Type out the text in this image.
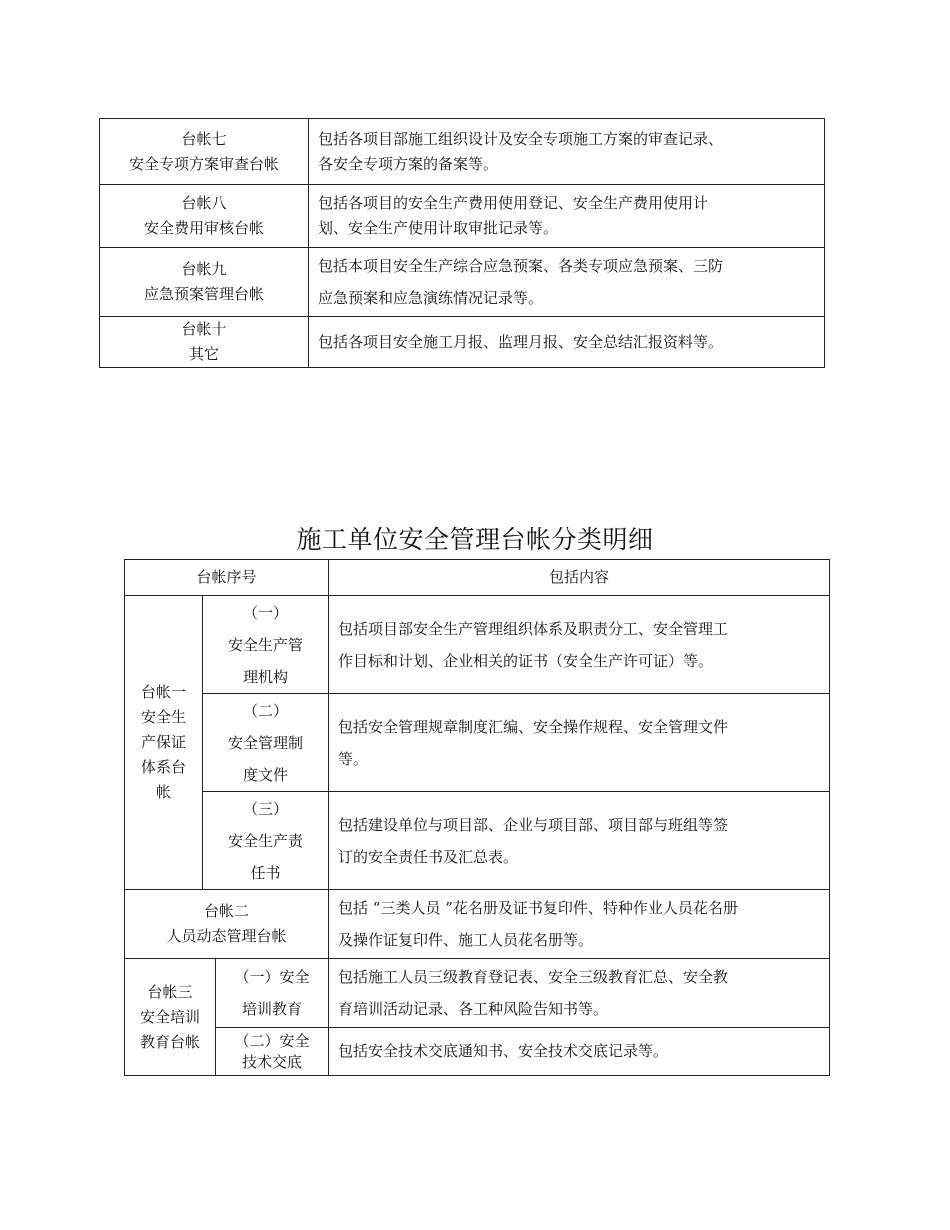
台帐七
安全专项方案审查台帐	包括各项目部施工组织设计及安全专项施工方案的审查记录、
各安全专项方案的备案等。

台帐八
安全费用审核台帐	包括各项目的安全生产费用使用登记、安全生产费用使用计
划、安全生产使用计取审批记录等。

台帐九
应急预案管理台帐	包括本项目安全生产综合应急预案、各类专项应急预案、三防
应急预案和应急演练情况记录等。

台帐十
其它	包括各项目安全施工月报、监理月报、安全总结汇报资料等。
施工单位安全管理台帐分类明细
台帐序号			包括内容

台帐一
安全生
产保证
体系台
帐	（一）
安全生产管
理机构		包括项目部安全生产管理组织体系及职责分工、安全管理工
作目标和计划、企业相关的证书（安全生产许可证）等。

	（二）
安全管理制
度文件		包括安全管理规章制度汇编、安全操作规程、安全管理文件
等。

	（三）
安全生产责
任书		包括建设单位与项目部、企业与项目部、项目部与班组等签
订的安全责任书及汇总表。

台帐二
人员动态管理台帐			包括 “三类人员 ”花名册及证书复印件、特种作业人员花名册
及操作证复印件、施工人员花名册等。

台帐三
安全培训
教育台帐		（一）安全
培训教育	包括施工人员三级教育登记表、安全三级教育汇总、安全教
育培训活动记录、各工种风险告知书等。

		（二）安全
技术交底	包括安全技术交底通知书、安全技术交底记录等。
